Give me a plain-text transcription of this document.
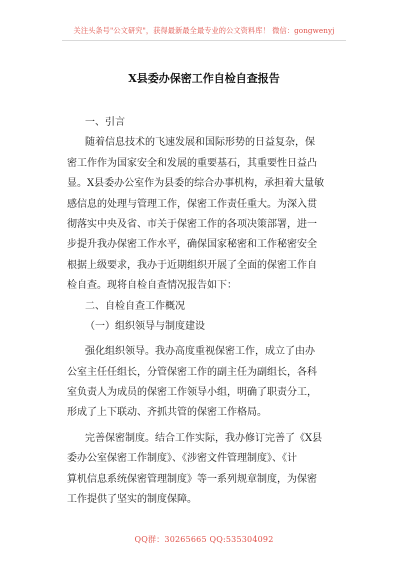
关注头条号"公文研究"，获得最新最全最专业的公文资料库！ 微信：gongwenyj
X县委办保密工作自检自查报告
一、引言
随着信息技术的飞速发展和国际形势的日益复杂，保
密工作作为国家安全和发展的重要基石，其重要性日益凸
显。X县委办公室作为县委的综合办事机构，承担着大量敏
感信息的处理与管理工作，保密工作责任重大。为深入贯
彻落实中央及省、市关于保密工作的各项决策部署，进一
步提升我办保密工作水平，确保国家秘密和工作秘密安全
根据上级要求，我办于近期组织开展了全面的保密工作自
检自查。现将自检自查情况报告如下：
二、自检自查工作概况
（一）组织领导与制度建设
强化组织领导。我办高度重视保密工作，成立了由办
公室主任任组长，分管保密工作的副主任为副组长，各科
室负责人为成员的保密工作领导小组，明确了职责分工，
形成了上下联动、齐抓共管的保密工作格局。
完善保密制度。结合工作实际，我办修订完善了《X县
委办公室保密工作制度》、《涉密文件管理制度》、《计
算机信息系统保密管理制度》等一系列规章制度，为保密
工作提供了坚实的制度保障。
QQ群：30265665 QQ:535304092
